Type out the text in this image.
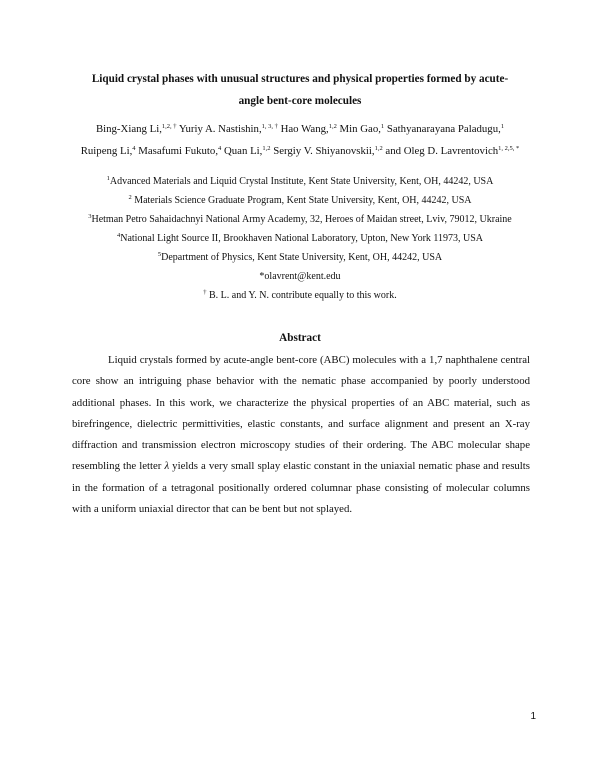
Liquid crystal phases with unusual structures and physical properties formed by acute-
angle bent-core molecules
Bing-Xiang Li,$^{1,2, \dagger}$ Yuriy A. Nastishin,$^{1, 3, \dagger}$ Hao Wang,$^{1,2}$ Min Gao,$^1$ Sathyanarayana Paladugu,$^1$
Ruipeng Li,$^4$ Masafumi Fukuto,$^4$ Quan Li,$^{1,2}$ Sergiy V. Shiyanovskii,$^{1,2}$ and Oleg D. Lavrentovich$^{1, 2,5, *}$
$^1$Advanced Materials and Liquid Crystal Institute, Kent State University, Kent, OH, 44242, USA
$^2$ Materials Science Graduate Program, Kent State University, Kent, OH, 44242, USA
$^3$Hetman Petro Sahaidachnyi National Army Academy, 32, Heroes of Maidan street, Lviv, 79012, Ukraine
$^4$National Light Source II, Brookhaven National Laboratory, Upton, New York 11973, USA
$^5$Department of Physics, Kent State University, Kent, OH, 44242, USA
*olavrent@kent.edu
† B. L. and Y. N. contribute equally to this work.
Abstract
Liquid crystals formed by acute-angle bent-core (ABC) molecules with a 1,7 naphthalene central core show an intriguing phase behavior with the nematic phase accompanied by poorly understood additional phases. In this work, we characterize the physical properties of an ABC material, such as birefringence, dielectric permittivities, elastic constants, and surface alignment and present an X-ray diffraction and transmission electron microscopy studies of their ordering. The ABC molecular shape resembling the letter λ yields a very small splay elastic constant in the uniaxial nematic phase and results in the formation of a tetragonal positionally ordered columnar phase consisting of molecular columns with a uniform uniaxial director that can be bent but not splayed.
1
